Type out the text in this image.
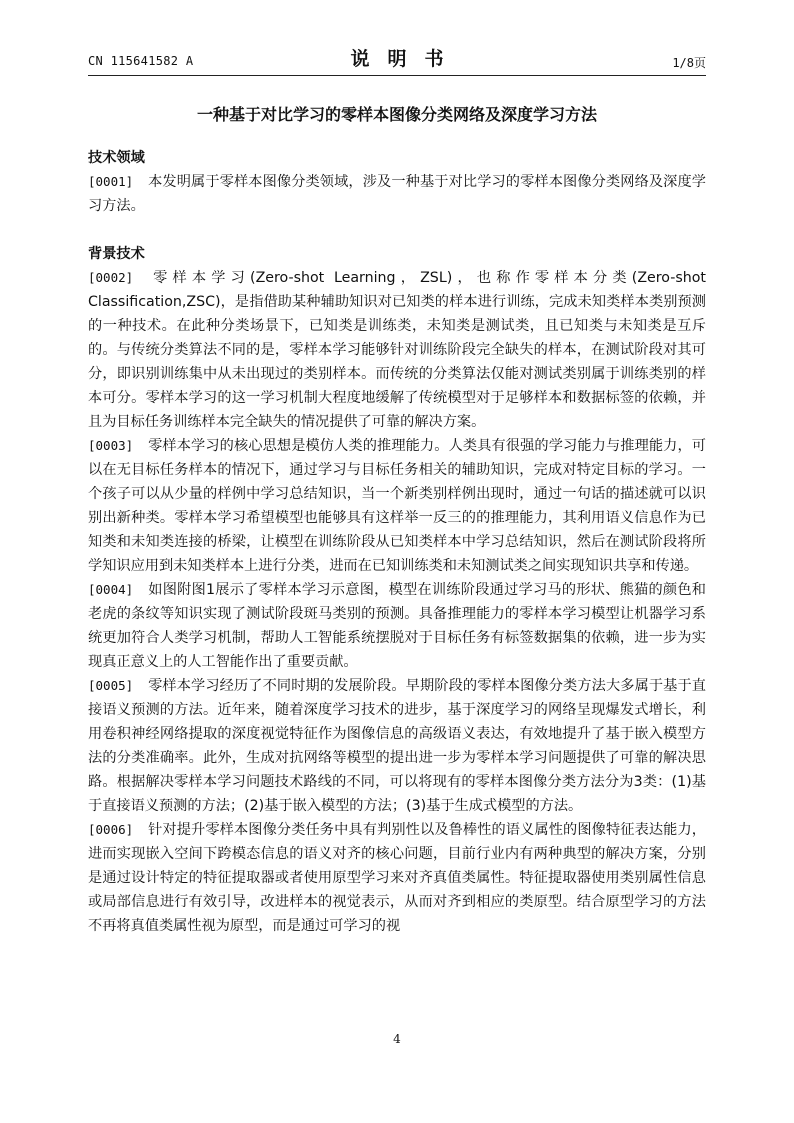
CN 115641582 A	说明书	1/8页
一种基于对比学习的零样本图像分类网络及深度学习方法

技术领域

[0001] 本发明属于零样本图像分类领域，涉及一种基于对比学习的零样本图像分类网络及深度学习方法。

背景技术

[0002] 零样本学习(Zero-shot Learning，ZSL)，也称作零样本分类(Zero-shot Classification,ZSC)，是指借助某种辅助知识对已知类的样本进行训练，完成未知类样本类别预测的一种技术。在此种分类场景下，已知类是训练类，未知类是测试类，且已知类与未知类是互斥的。与传统分类算法不同的是，零样本学习能够针对训练阶段完全缺失的样本，在测试阶段对其可分，即识别训练集中从未出现过的类别样本。而传统的分类算法仅能对测试类别属于训练类别的样本可分。零样本学习的这一学习机制大程度地缓解了传统模型对于足够样本和数据标签的依赖，并且为目标任务训练样本完全缺失的情况提供了可靠的解决方案。

[0003] 零样本学习的核心思想是模仿人类的推理能力。人类具有很强的学习能力与推理能力，可以在无目标任务样本的情况下，通过学习与目标任务相关的辅助知识，完成对特定目标的学习。一个孩子可以从少量的样例中学习总结知识，当一个新类别样例出现时，通过一句话的描述就可以识别出新种类。零样本学习希望模型也能够具有这样举一反三的的推理能力，其利用语义信息作为已知类和未知类连接的桥梁，让模型在训练阶段从已知类样本中学习总结知识，然后在测试阶段将所学知识应用到未知类样本上进行分类，进而在已知训练类和未知测试类之间实现知识共享和传递。

[0004] 如图附图1展示了零样本学习示意图，模型在训练阶段通过学习马的形状、熊猫的颜色和老虎的条纹等知识实现了测试阶段斑马类别的预测。具备推理能力的零样本学习模型让机器学习系统更加符合人类学习机制，帮助人工智能系统摆脱对于目标任务有标签数据集的依赖，进一步为实现真正意义上的人工智能作出了重要贡献。

[0005] 零样本学习经历了不同时期的发展阶段。早期阶段的零样本图像分类方法大多属于基于直接语义预测的方法。近年来，随着深度学习技术的进步，基于深度学习的网络呈现爆发式增长，利用卷积神经网络提取的深度视觉特征作为图像信息的高级语义表达，有效地提升了基于嵌入模型方法的分类准确率。此外，生成对抗网络等模型的提出进一步为零样本学习问题提供了可靠的解决思路。根据解决零样本学习问题技术路线的不同，可以将现有的零样本图像分类方法分为3类：(1)基于直接语义预测的方法；(2)基于嵌入模型的方法；(3)基于生成式模型的方法。

[0006] 针对提升零样本图像分类任务中具有判别性以及鲁棒性的语义属性的图像特征表达能力，进而实现嵌入空间下跨模态信息的语义对齐的核心问题，目前行业内有两种典型的解决方案，分别是通过设计特定的特征提取器或者使用原型学习来对齐真值类属性。特征提取器使用类别属性信息或局部信息进行有效引导，改进样本的视觉表示，从而对齐到相应的类原型。结合原型学习的方法不再将真值类属性视为原型，而是通过可学习的视

4
